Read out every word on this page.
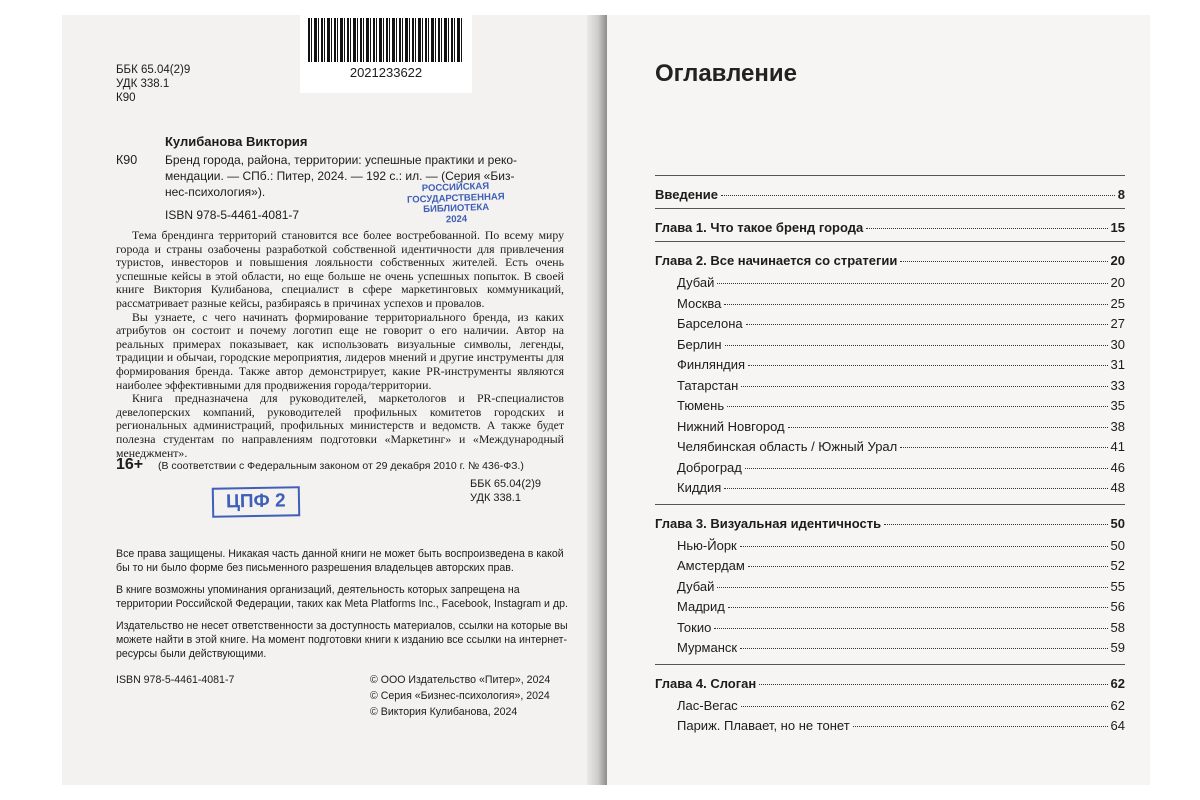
2021233622
ББК 65.04(2)9
УДК 338.1
К90
Кулибанова Виктория
К90 Бренд города, района, территории: успешные практики и реко-
мендации. — СПб.: Питер, 2024. — 192 с.: ил. — (Серия «Биз-
нес-психология»).
ISBN 978-5-4461-4081-7
РОССИЙСКАЯ
ГОСУДАРСТВЕННАЯ
БИБЛИОТЕКА
2024

Тема брендинга территорий становится все более востребованной. По всему миру города и страны озабочены разработкой собственной идентичности для привлечения туристов, инвесторов и повышения лояльности собственных жителей. Есть очень успешные кейсы в этой области, но еще больше не очень успешных попыток. В своей книге Виктория Кулибанова, специалист в сфере маркетинговых коммуникаций, рассматривает разные кейсы, разбираясь в причинах успехов и провалов.

Вы узнаете, с чего начинать формирование территориального бренда, из каких атрибутов он состоит и почему логотип еще не говорит о его наличии. Автор на реальных примерах показывает, как использовать визуальные символы, легенды, традиции и обычаи, городские мероприятия, лидеров мнений и другие инструменты для формирования бренда. Также автор демонстрирует, какие PR-инструменты являются наиболее эффективными для продвижения города/территории.

Книга предназначена для руководителей, маркетологов и PR-специалистов девелоперских компаний, руководителей профильных комитетов городских и региональных администраций, профильных министерств и ведомств. А также будет полезна студентам по направлениям подготовки «Маркетинг» и «Международный менеджмент».

16+ (В соответствии с Федеральным законом от 29 декабря 2010 г. № 436-ФЗ.)
ББК 65.04(2)9
УДК 338.1
ЦПФ 2

Все права защищены. Никакая часть данной книги не может быть воспроизведена в какой бы то ни было форме без письменного разрешения владельцев авторских прав.

В книге возможны упоминания организаций, деятельность которых запрещена на территории Российской Федерации, таких как Meta Platforms Inc., Facebook, Instagram и др.

Издательство не несет ответственности за доступность материалов, ссылки на которые вы можете найти в этой книге. На момент подготовки книги к изданию все ссылки на интернет-ресурсы были действующими.

ISBN 978-5-4461-4081-7	© ООО Издательство «Питер», 2024
© Серия «Бизнес-психология», 2024
© Виктория Кулибанова, 2024
Оглавление
Введение	8
Глава 1. Что такое бренд города	15
Глава 2. Все начинается со стратегии	20
Дубай	20
Москва	25
Барселона	27
Берлин	30
Финляндия	31
Татарстан	33
Тюмень	35
Нижний Новгород	38
Челябинская область / Южный Урал	41
Доброград	46
Киддия	48
Глава 3. Визуальная идентичность	50
Нью-Йорк	50
Амстердам	52
Дубай	55
Мадрид	56
Токио	58
Мурманск	59
Глава 4. Слоган	62
Лас-Вегас	62
Париж. Плавает, но не тонет	64
